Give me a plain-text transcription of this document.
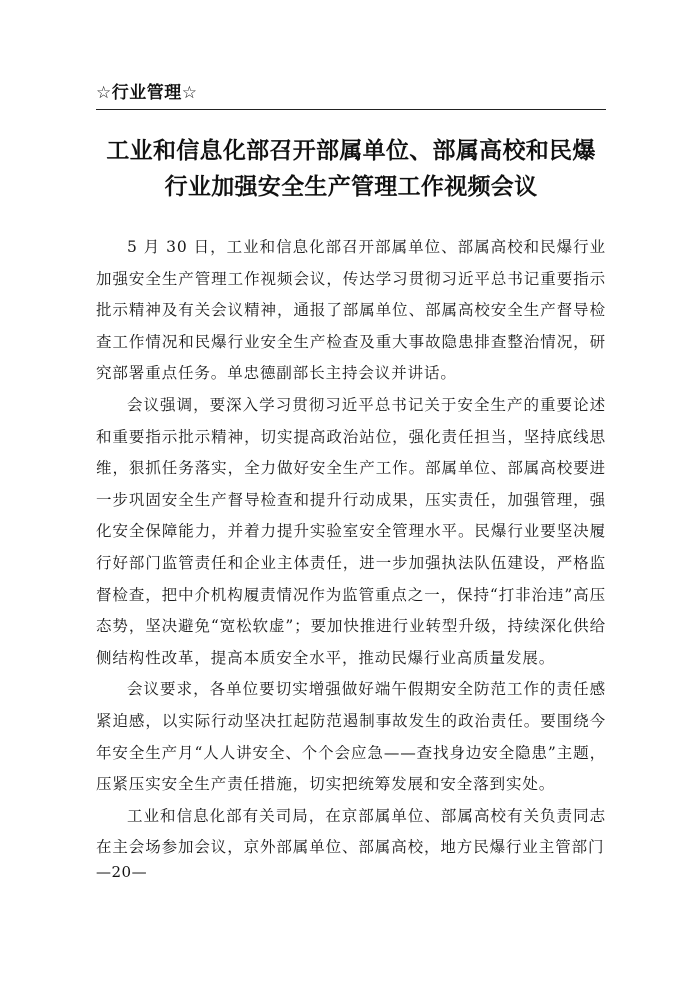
☆行业管理☆
工业和信息化部召开部属单位、部属高校和民爆
行业加强安全生产管理工作视频会议

5 月 30 日，工业和信息化部召开部属单位、部属高校和民爆行业加强安全生产管理工作视频会议，传达学习贯彻习近平总书记重要指示批示精神及有关会议精神，通报了部属单位、部属高校安全生产督导检查工作情况和民爆行业安全生产检查及重大事故隐患排查整治情况，研究部署重点任务。单忠德副部长主持会议并讲话。

会议强调，要深入学习贯彻习近平总书记关于安全生产的重要论述和重要指示批示精神，切实提高政治站位，强化责任担当，坚持底线思维，狠抓任务落实，全力做好安全生产工作。部属单位、部属高校要进一步巩固安全生产督导检查和提升行动成果，压实责任，加强管理，强化安全保障能力，并着力提升实验室安全管理水平。民爆行业要坚决履行好部门监管责任和企业主体责任，进一步加强执法队伍建设，严格监督检查，把中介机构履责情况作为监管重点之一，保持“打非治违”高压态势，坚决避免“宽松软虚”；要加快推进行业转型升级，持续深化供给侧结构性改革，提高本质安全水平，推动民爆行业高质量发展。

会议要求，各单位要切实增强做好端午假期安全防范工作的责任感紧迫感，以实际行动坚决扛起防范遏制事故发生的政治责任。要围绕今年安全生产月“人人讲安全、个个会应急——查找身边安全隐患”主题，压紧压实安全生产责任措施，切实把统筹发展和安全落到实处。

工业和信息化部有关司局，在京部属单位、部属高校有关负责同志在主会场参加会议，京外部属单位、部属高校，地方民爆行业主管部门

—20—
